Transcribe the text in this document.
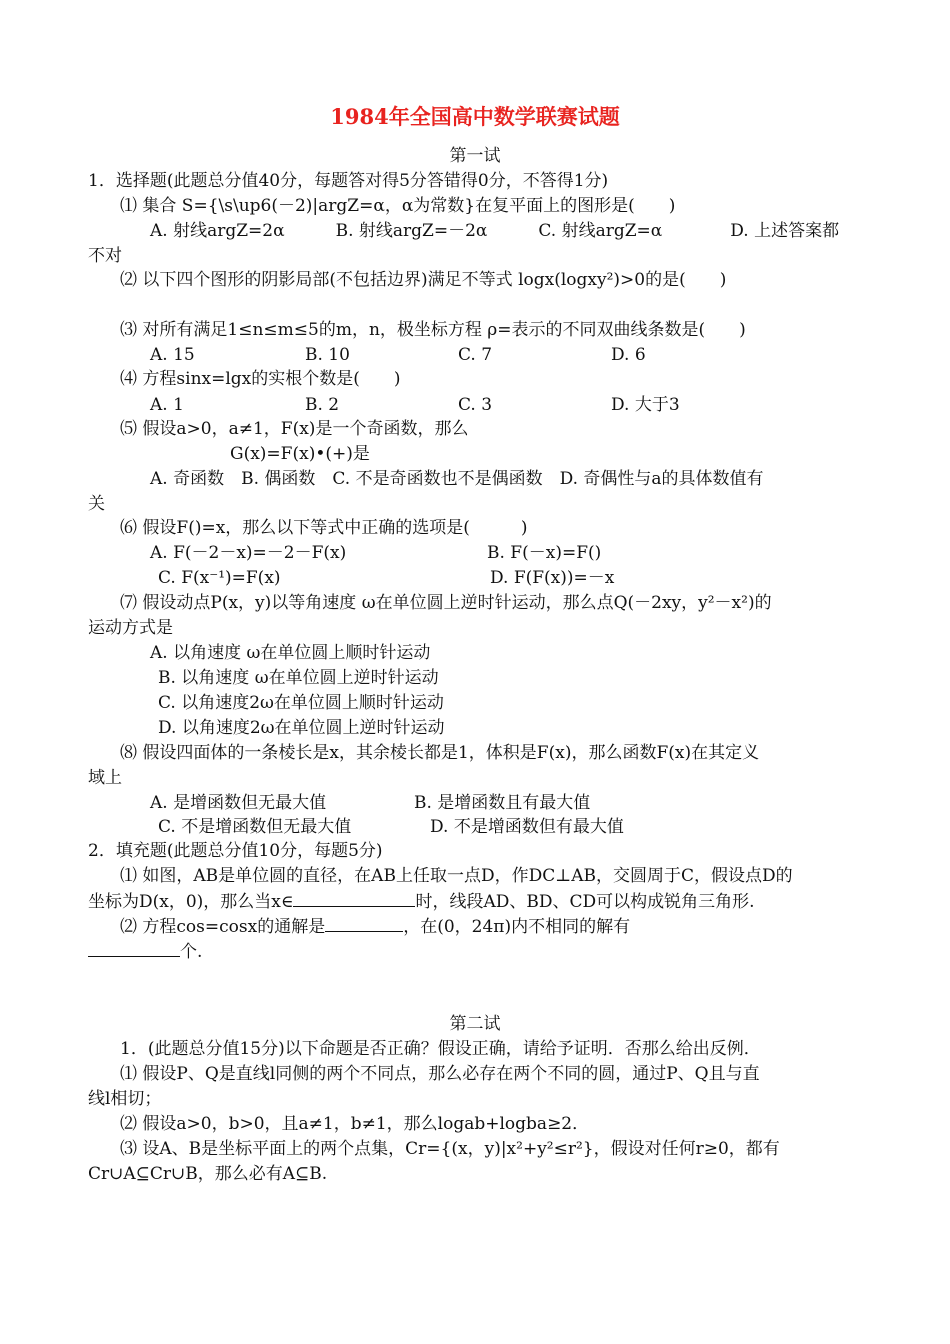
1984年全国高中数学联赛试题
第一试
1．选择题(此题总分值40分，每题答对得5分答错得0分，不答得1分)
⑴ 集合 S={\s\up6(－2)|argZ=α，α为常数}在复平面上的图形是(　　)
A. 射线argZ=2α　　　B. 射线argZ=－2α　　　C. 射线argZ=α　　　　D. 上述答案都
不对
⑵ 以下四个图形的阴影局部(不包括边界)满足不等式 logx(logxy²)>0的是(　　)
⑶ 对所有满足1≤n≤m≤5的m，n，极坐标方程 ρ=表示的不同双曲线条数是(　　)
A. 15	B. 10	C. 7	D. 6
⑷ 方程sinx=lgx的实根个数是(　　)
A. 1	B. 2	C. 3	D. 大于3
⑸ 假设a>0，a≠1，F(x)是一个奇函数，那么
G(x)=F(x)•(+)是
A. 奇函数　B. 偶函数　C. 不是奇函数也不是偶函数　D. 奇偶性与a的具体数值有
关
⑹ 假设F()=x，那么以下等式中正确的选项是(　　　)
A. F(－2－x)=－2－F(x)	B. F(－x)=F()
C. F(x⁻¹)=F(x)	D. F(F(x))=－x
⑺ 假设动点P(x，y)以等角速度 ω在单位圆上逆时针运动，那么点Q(－2xy，y²－x²)的
运动方式是
A. 以角速度 ω在单位圆上顺时针运动
B. 以角速度 ω在单位圆上逆时针运动
C. 以角速度2ω在单位圆上顺时针运动
D. 以角速度2ω在单位圆上逆时针运动
⑻ 假设四面体的一条棱长是x，其余棱长都是1，体积是F(x)，那么函数F(x)在其定义
域上
A. 是增函数但无最大值	B. 是增函数且有最大值
C. 不是增函数但无最大值	D. 不是增函数但有最大值
2．填充题(此题总分值10分，每题5分)
⑴ 如图，AB是单位圆的直径，在AB上任取一点D，作DC⊥AB，交圆周于C，假设点D的
坐标为D(x，0)，那么当x∈	时，线段AD、BD、CD可以构成锐角三角形.
⑵ 方程cos=cosx的通解是	，在(0，24π)内不相同的解有
个.
第二试
1．(此题总分值15分)以下命题是否正确？假设正确，请给予证明．否那么给出反例．
⑴ 假设P、Q是直线l同侧的两个不同点，那么必存在两个不同的圆，通过P、Q且与直
线l相切；
⑵ 假设a>0，b>0，且a≠1，b≠1，那么logab+logba≥2．
⑶ 设A、B是坐标平面上的两个点集，Cr={(x，y)|x²+y²≤r²}，假设对任何r≥0，都有
Cr∪A⊆Cr∪B，那么必有A⊆B.
